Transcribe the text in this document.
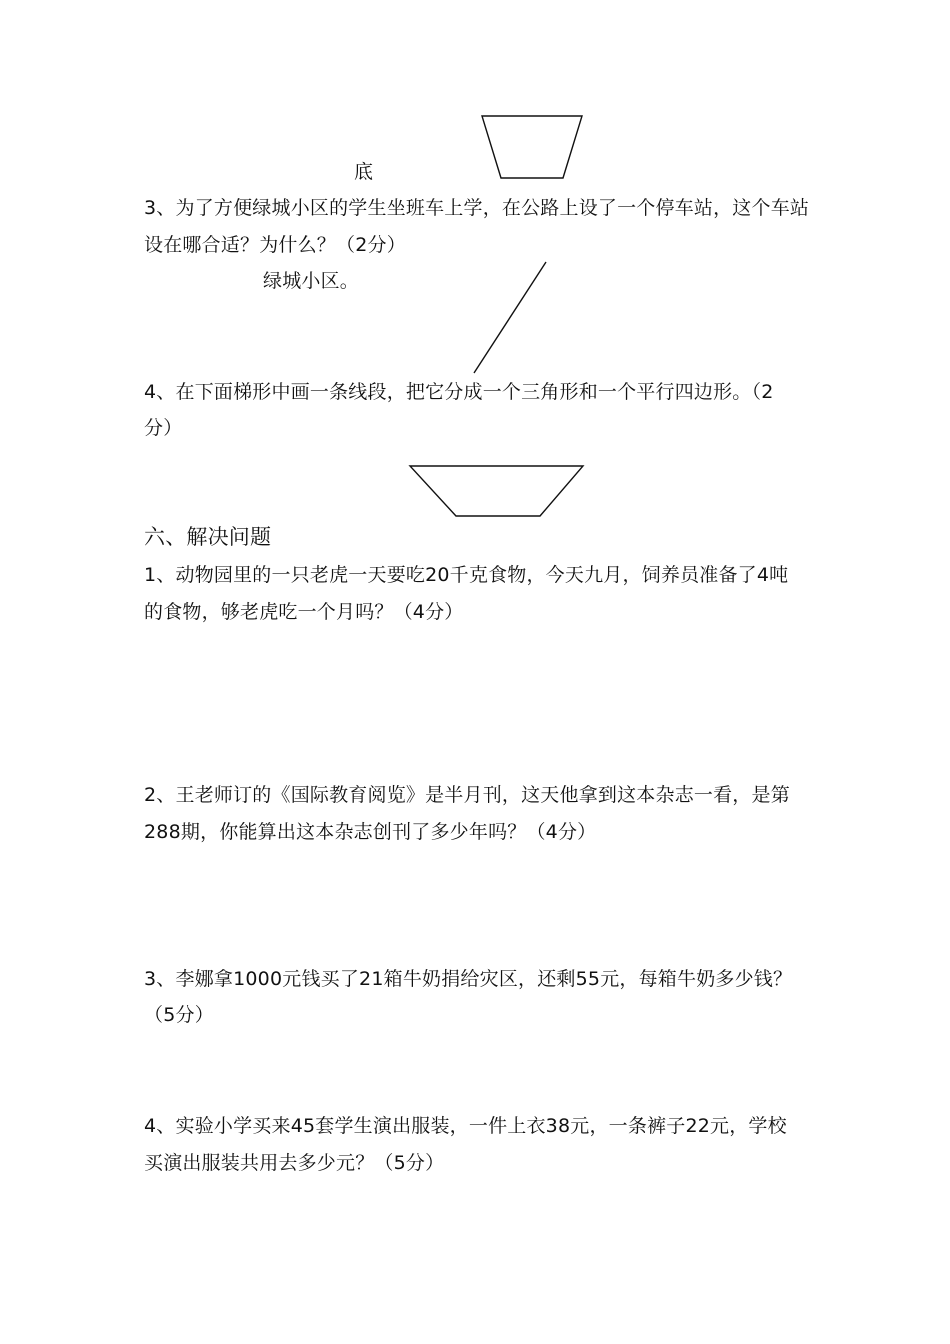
底
3、为了方便绿城小区的学生坐班车上学，在公路上设了一个停车站，这个车站
设在哪合适？为什么？（2分）
绿城小区。
4、在下面梯形中画一条线段，把它分成一个三角形和一个平行四边形。（2
分）
六、解决问题
1、动物园里的一只老虎一天要吃20千克食物，今天九月，饲养员准备了4吨
的食物，够老虎吃一个月吗？（4分）
2、王老师订的《国际教育阅览》是半月刊，这天他拿到这本杂志一看，是第
288期，你能算出这本杂志创刊了多少年吗？（4分）
3、李娜拿1000元钱买了21箱牛奶捐给灾区，还剩55元，每箱牛奶多少钱？
（5分）
4、实验小学买来45套学生演出服装，一件上衣38元，一条裤子22元，学校
买演出服装共用去多少元？（5分）
